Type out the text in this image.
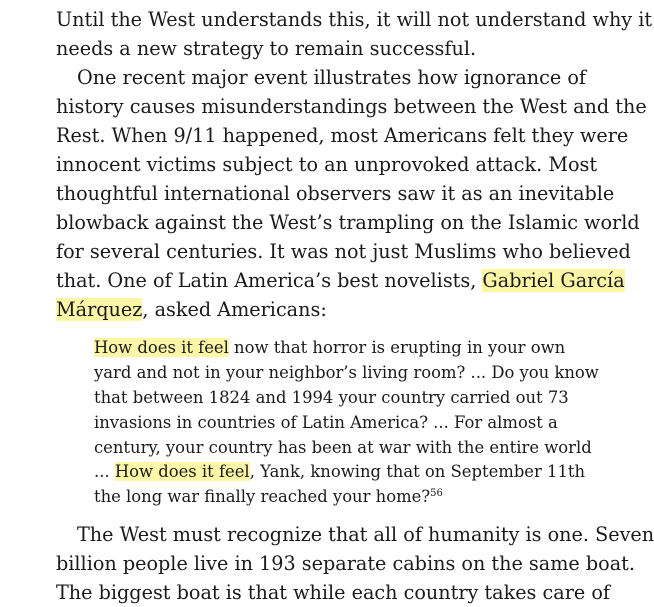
Until the West understands this, it will not understand why it
needs a new strategy to remain successful.
One recent major event illustrates how ignorance of
history causes misunderstandings between the West and the
Rest. When 9/11 happened, most Americans felt they were
innocent victims subject to an unprovoked attack. Most
thoughtful international observers saw it as an inevitable
blowback against the West’s trampling on the Islamic world
for several centuries. It was not just Muslims who believed
that. One of Latin America’s best novelists, Gabriel García
Márquez, asked Americans:
How does it feel now that horror is erupting in your own
yard and not in your neighbor’s living room? ... Do you know
that between 1824 and 1994 your country carried out 73
invasions in countries of Latin America? ... For almost a
century, your country has been at war with the entire world
... How does it feel, Yank, knowing that on September 11th
the long war finally reached your home?$^{56}$
The West must recognize that all of humanity is one. Seven
billion people live in 193 separate cabins on the same boat.
The biggest boat is that while each country takes care of
